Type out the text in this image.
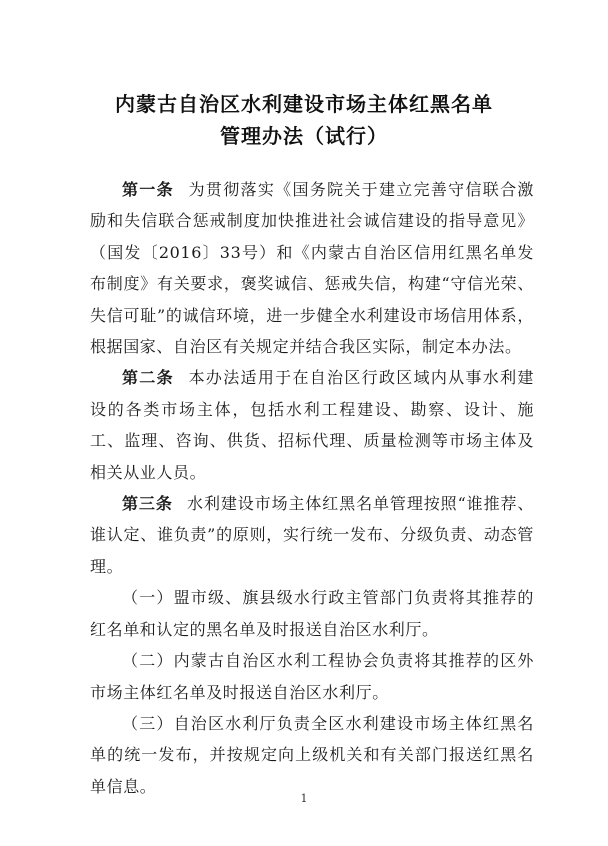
内蒙古自治区水利建设市场主体红黑名单
管理办法（试行）

第一条 为贯彻落实《国务院关于建立完善守信联合激励和失信联合惩戒制度加快推进社会诚信建设的指导意见》（国发〔2016〕33号）和《内蒙古自治区信用红黑名单发布制度》有关要求，褒奖诚信、惩戒失信，构建“守信光荣、失信可耻”的诚信环境，进一步健全水利建设市场信用体系，根据国家、自治区有关规定并结合我区实际，制定本办法。

第二条 本办法适用于在自治区行政区域内从事水利建设的各类市场主体，包括水利工程建设、勘察、设计、施工、监理、咨询、供货、招标代理、质量检测等市场主体及相关从业人员。

第三条 水利建设市场主体红黑名单管理按照“谁推荐、谁认定、谁负责”的原则，实行统一发布、分级负责、动态管理。

（一）盟市级、旗县级水行政主管部门负责将其推荐的红名单和认定的黑名单及时报送自治区水利厅。

（二）内蒙古自治区水利工程协会负责将其推荐的区外市场主体红名单及时报送自治区水利厅。

（三）自治区水利厅负责全区水利建设市场主体红黑名单的统一发布，并按规定向上级机关和有关部门报送红黑名单信息。

1
